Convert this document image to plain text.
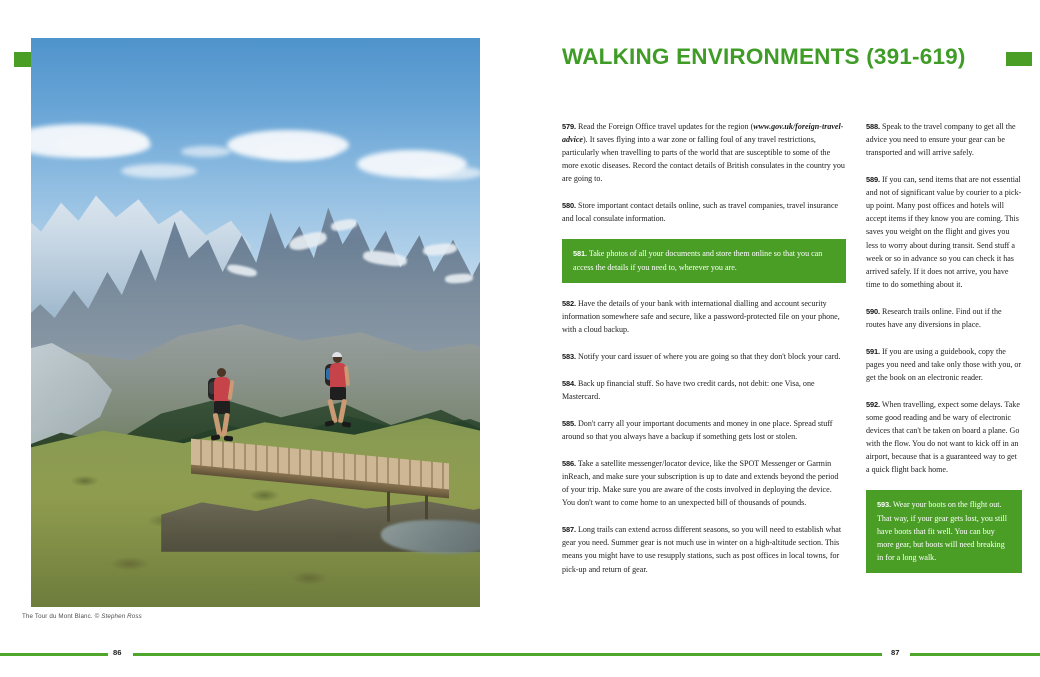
The Tour du Mont Blanc. © Stephen Ross
WALKING ENVIRONMENTS (391-619)

579. Read the Foreign Office travel updates for the region (www.gov.uk/foreign-travel-advice). It saves flying into a war zone or falling foul of any travel restrictions, particularly when travelling to parts of the world that are susceptible to some of the more exotic diseases. Record the contact details of British consulates in the country you are going to.

580. Store important contact details online, such as travel companies, travel insurance and local consulate information.

581. Take photos of all your documents and store them online so that you can access the details if you need to, wherever you are.

582. Have the details of your bank with international dialling and account security information somewhere safe and secure, like a password-protected file on your phone, with a cloud backup.

583. Notify your card issuer of where you are going so that they don't block your card.

584. Back up financial stuff. So have two credit cards, not debit: one Visa, one Mastercard.

585. Don't carry all your important documents and money in one place. Spread stuff around so that you always have a backup if something gets lost or stolen.

586. Take a satellite messenger/locator device, like the SPOT Messenger or Garmin inReach, and make sure your subscription is up to date and extends beyond the period of your trip. Make sure you are aware of the costs involved in deploying the device. You don't want to come home to an unexpected bill of thousands of pounds.

587. Long trails can extend across different seasons, so you will need to establish what gear you need. Summer gear is not much use in winter on a high-altitude section. This means you might have to use resupply stations, such as post offices in local towns, for pick-up and return of gear.

588. Speak to the travel company to get all the advice you need to ensure your gear can be transported and will arrive safely.

589. If you can, send items that are not essential and not of significant value by courier to a pick-up point. Many post offices and hotels will accept items if they know you are coming. This saves you weight on the flight and gives you less to worry about during transit. Send stuff a week or so in advance so you can check it has arrived safely. If it does not arrive, you have time to do something about it.

590. Research trails online. Find out if the routes have any diversions in place.

591. If you are using a guidebook, copy the pages you need and take only those with you, or get the book on an electronic reader.

592. When travelling, expect some delays. Take some good reading and be wary of electronic devices that can't be taken on board a plane. Go with the flow. You do not want to kick off in an airport, because that is a guaranteed way to get a quick flight back home.

593. Wear your boots on the flight out. That way, if your gear gets lost, you still have boots that fit well. You can buy more gear, but boots will need breaking in for a long walk.

86	87
